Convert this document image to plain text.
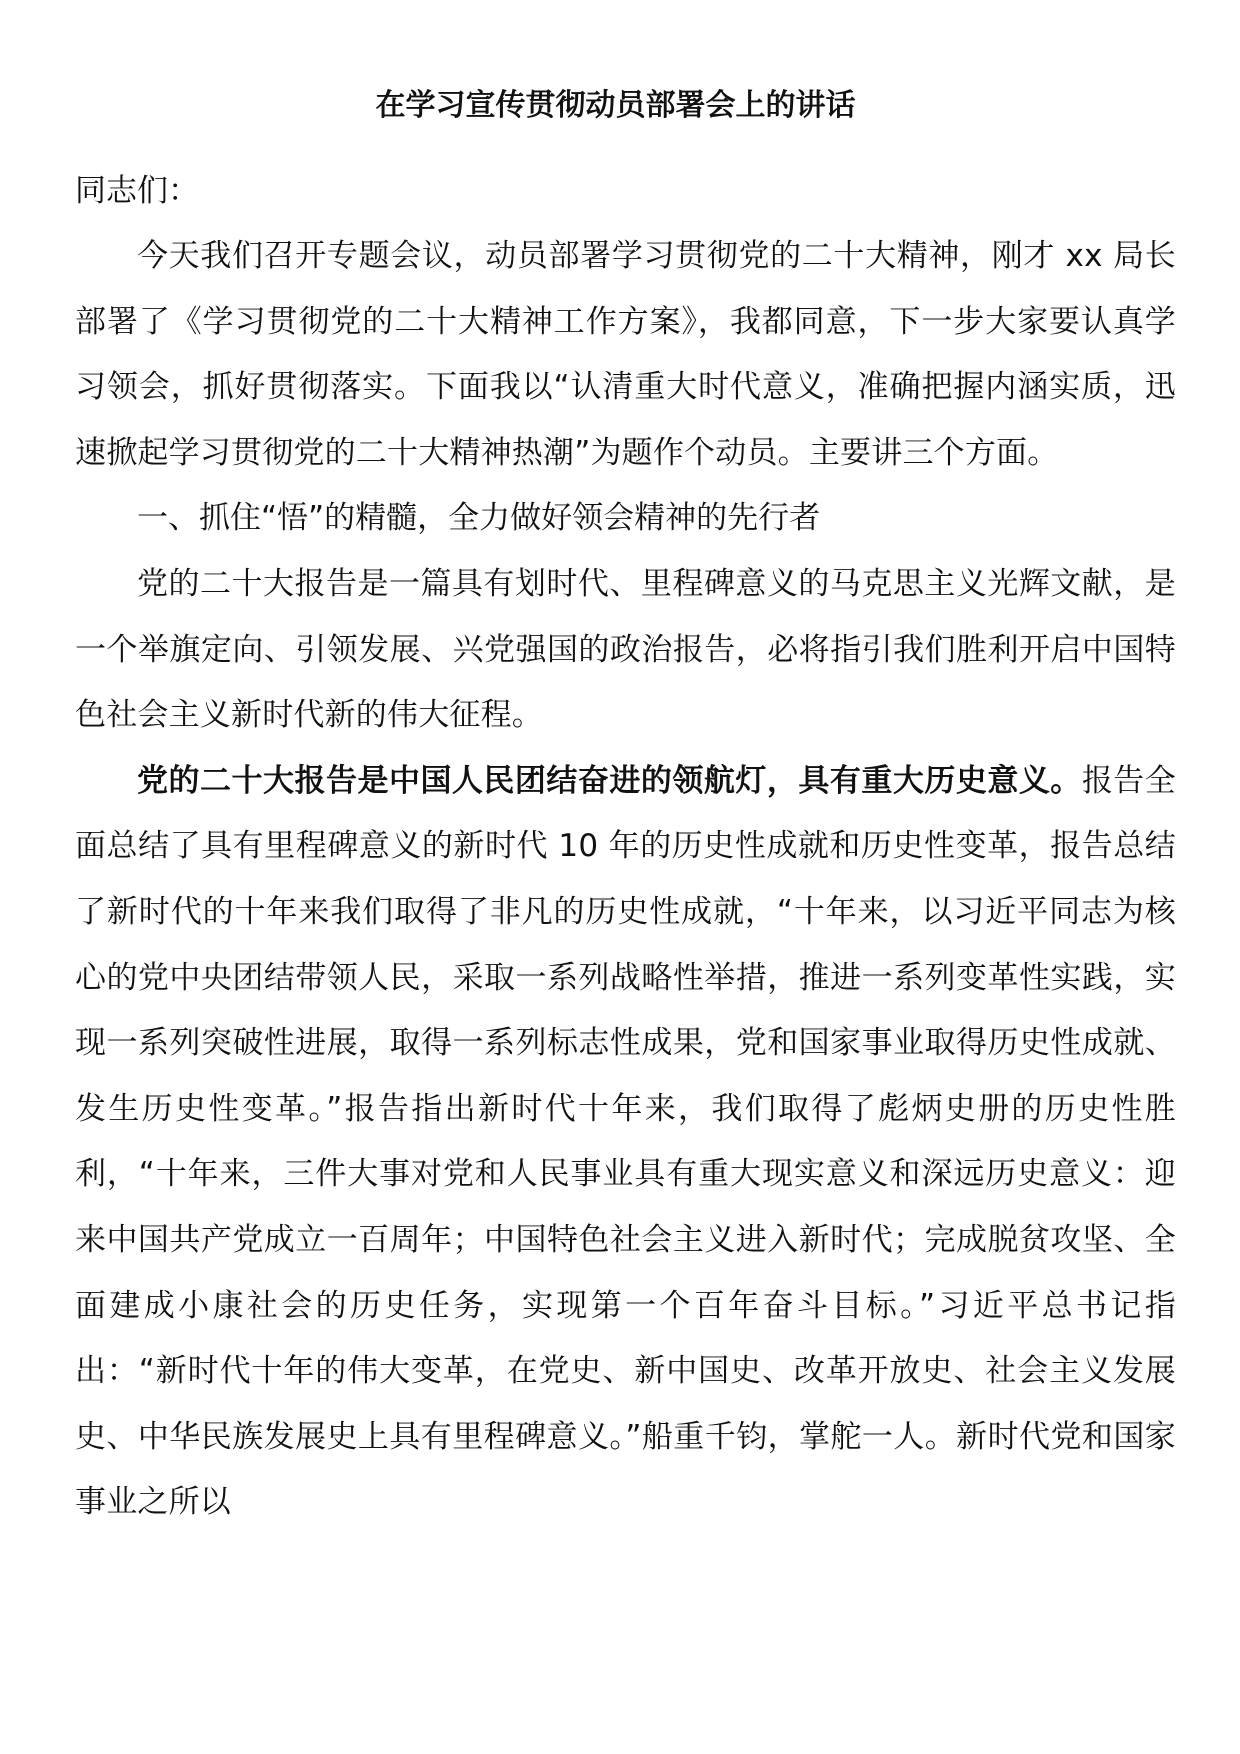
在学习宣传贯彻动员部署会上的讲话

同志们：

今天我们召开专题会议，动员部署学习贯彻党的二十大精神，刚才 xx 局长部署了《学习贯彻党的二十大精神工作方案》，我都同意，下一步大家要认真学习领会，抓好贯彻落实。下面我以“认清重大时代意义，准确把握内涵实质，迅速掀起学习贯彻党的二十大精神热潮”为题作个动员。主要讲三个方面。

一、抓住“悟”的精髓，全力做好领会精神的先行者

党的二十大报告是一篇具有划时代、里程碑意义的马克思主义光辉文献，是一个举旗定向、引领发展、兴党强国的政治报告，必将指引我们胜利开启中国特色社会主义新时代新的伟大征程。

党的二十大报告是中国人民团结奋进的领航灯，具有重大历史意义。报告全面总结了具有里程碑意义的新时代 10 年的历史性成就和历史性变革，报告总结了新时代的十年来我们取得了非凡的历史性成就，“十年来，以习近平同志为核心的党中央团结带领人民，采取一系列战略性举措，推进一系列变革性实践，实现一系列突破性进展，取得一系列标志性成果，党和国家事业取得历史性成就、发生历史性变革。”报告指出新时代十年来，我们取得了彪炳史册的历史性胜利，“十年来，三件大事对党和人民事业具有重大现实意义和深远历史意义：迎来中国共产党成立一百周年；中国特色社会主义进入新时代；完成脱贫攻坚、全面建成小康社会的历史任务，实现第一个百年奋斗目标。”习近平总书记指出：“新时代十年的伟大变革，在党史、新中国史、改革开放史、社会主义发展史、中华民族发展史上具有里程碑意义。”船重千钧，掌舵一人。新时代党和国家事业之所以
